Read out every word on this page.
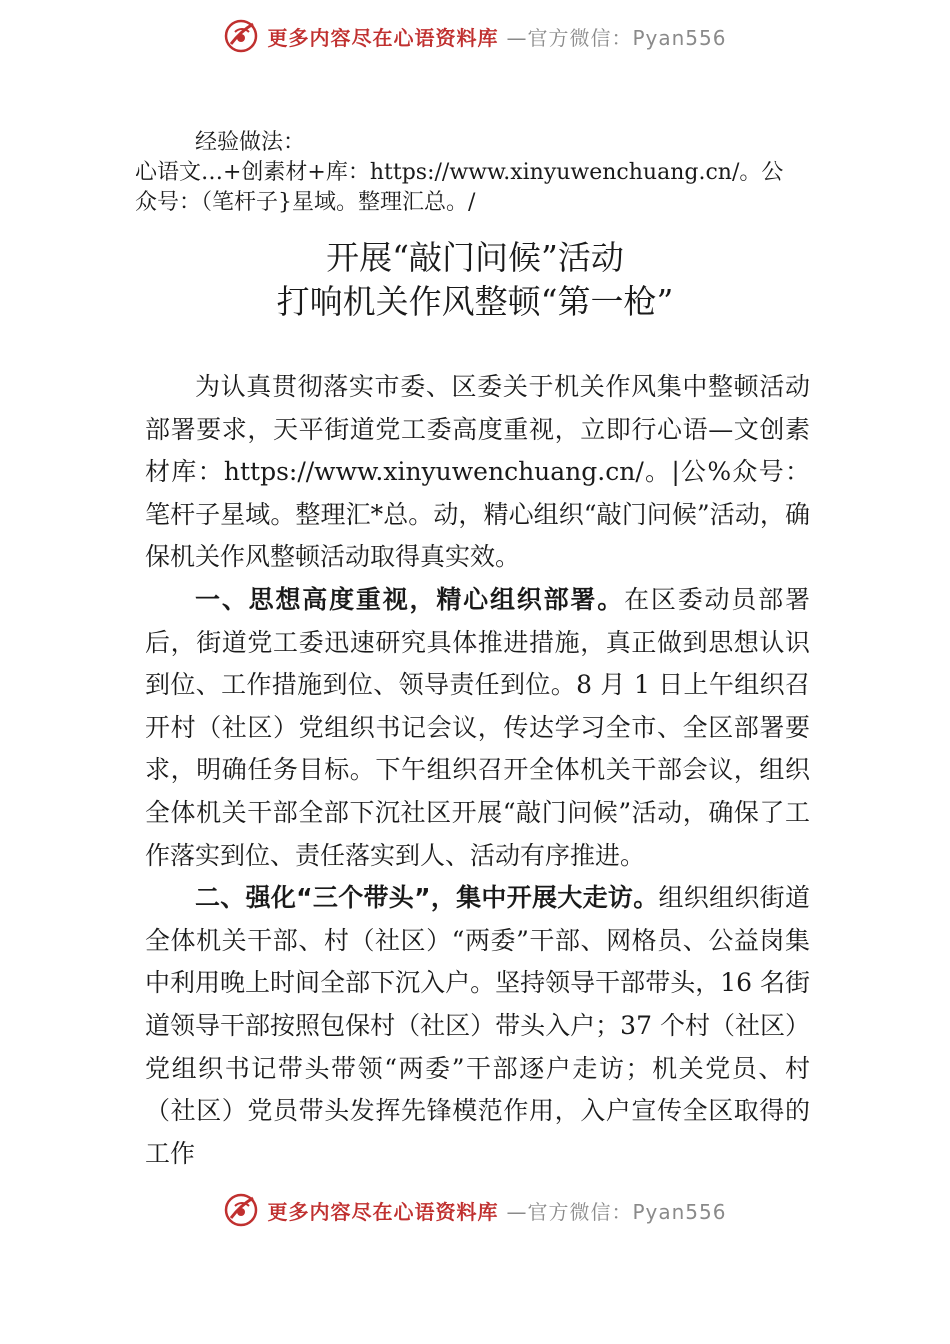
更多内容尽在心语资料库 —官方微信：Pyan556
经验做法：
心语文…+创素材+库：https://www.xinyuwenchuang.cn/。公
众号：（笔杆子}星域。整理汇总。/
开展“敲门问候”活动
打响机关作风整顿“第一枪”

为认真贯彻落实市委、区委关于机关作风集中整顿活动部署要求，天平街道党工委高度重视，立即行心语—文创素材库：https://www.xinyuwenchuang.cn/。|公%众号：笔杆子星域。整理汇*总。动，精心组织“敲门问候”活动，确保机关作风整顿活动取得真实效。

一、思想高度重视，精心组织部署。在区委动员部署后，街道党工委迅速研究具体推进措施，真正做到思想认识到位、工作措施到位、领导责任到位。8 月 1 日上午组织召开村（社区）党组织书记会议，传达学习全市、全区部署要求，明确任务目标。下午组织召开全体机关干部会议，组织全体机关干部全部下沉社区开展“敲门问候”活动，确保了工作落实到位、责任落实到人、活动有序推进。

二、强化“三个带头”，集中开展大走访。组织组织街道全体机关干部、村（社区）“两委”干部、网格员、公益岗集中利用晚上时间全部下沉入户。坚持领导干部带头，16 名街道领导干部按照包保村（社区）带头入户；37 个村（社区）党组织书记带头带领“两委”干部逐户走访；机关党员、村（社区）党员带头发挥先锋模范作用，入户宣传全区取得的工作

更多内容尽在心语资料库 —官方微信：Pyan556
